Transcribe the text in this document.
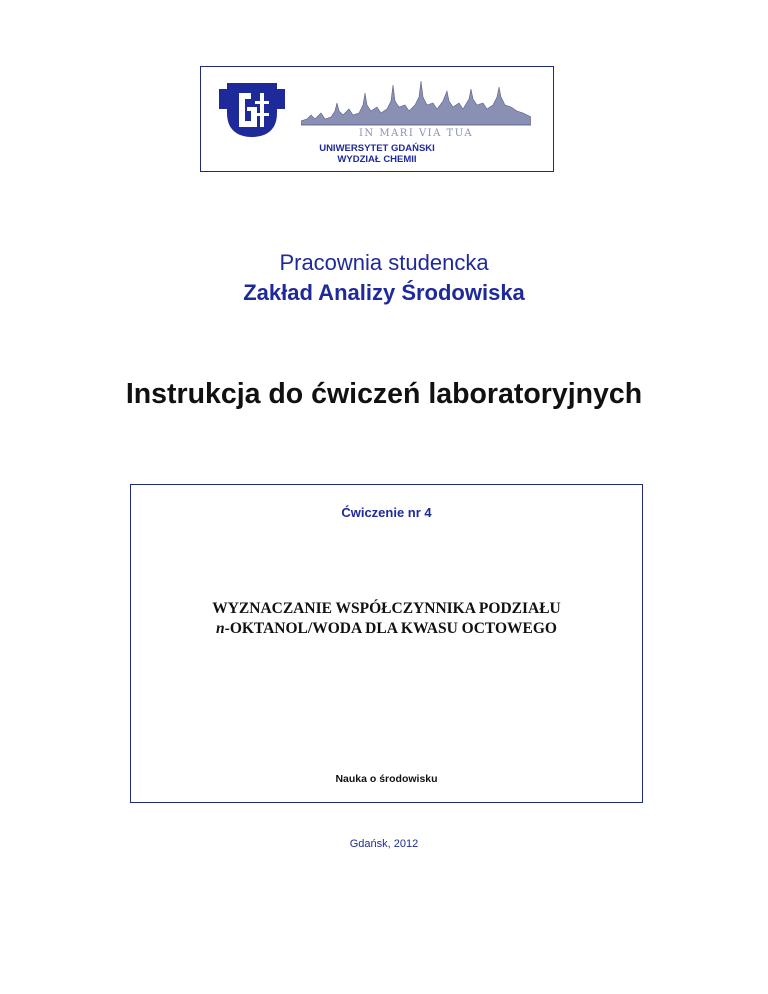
IN MARI VIA TUA
UNIWERSYTET GDAŃSKI
WYDZIAŁ CHEMII
Pracownia studencka
Zakład Analizy Środowiska
Instrukcja do ćwiczeń laboratoryjnych
Ćwiczenie nr 4
WYZNACZANIE WSPÓŁCZYNNIKA PODZIAŁU
n-OKTANOL/WODA DLA KWASU OCTOWEGO
Nauka o środowisku
Gdańsk, 2012
